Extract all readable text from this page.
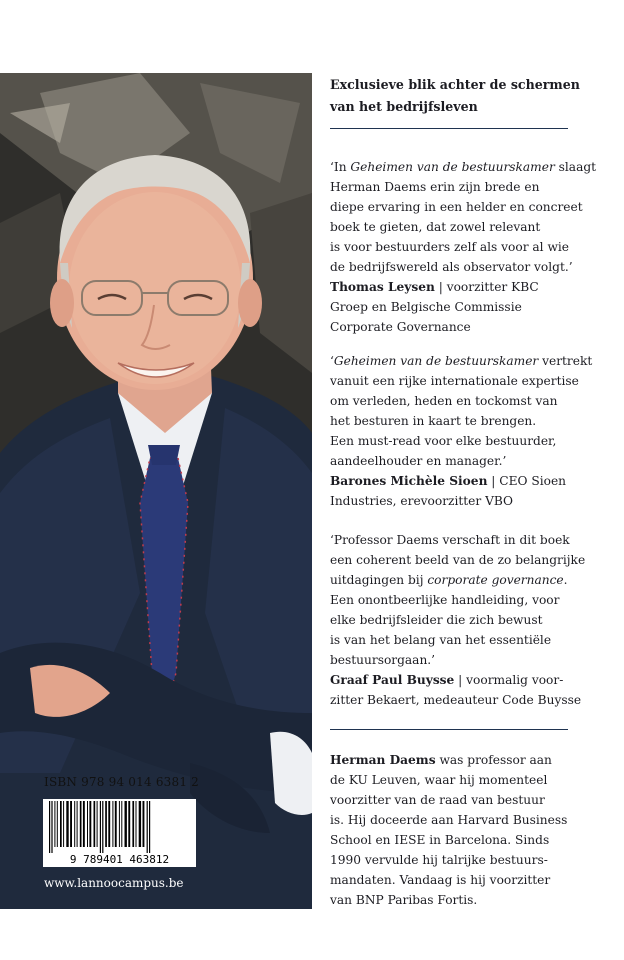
ISBN 978 94 014 6381 2
9 789401 463812
www.lannoocampus.be

Exclusieve blik achter de schermen

van het bedrijfsleven

‘In Geheimen van de bestuurskamer slaagt

Herman Daems erin zijn brede en

diepe ervaring in een helder en concreet

boek te gieten, dat zowel relevant

is voor bestuurders zelf als voor al wie

de bedrijfswereld als observator volgt.’

Thomas Leysen | voorzitter KBC

Groep en Belgische Commissie

Corporate Governance

‘Geheimen van de bestuurskamer vertrekt

vanuit een rijke internationale expertise

om verleden, heden en tockomst van

het besturen in kaart te brengen.

Een must-read voor elke bestuurder,

aandeelhouder en manager.’

Barones Michèle Sioen | CEO Sioen

Industries, erevoorzitter VBO

‘Professor Daems verschaft in dit boek

een coherent beeld van de zo belangrijke

uitdagingen bij corporate governance.

Een onontbeerlijke handleiding, voor

elke bedrijfsleider die zich bewust

is van het belang van het essentiële

bestuursorgaan.’

Graaf Paul Buysse | voormalig voor-

zitter Bekaert, medeauteur Code Buysse

Herman Daems was professor aan

de KU Leuven, waar hij momenteel

voorzitter van de raad van bestuur

is. Hij doceerde aan Harvard Business

School en IESE in Barcelona. Sinds

1990 vervulde hij talrijke bestuurs-

mandaten. Vandaag is hij voorzitter

van BNP Paribas Fortis.
